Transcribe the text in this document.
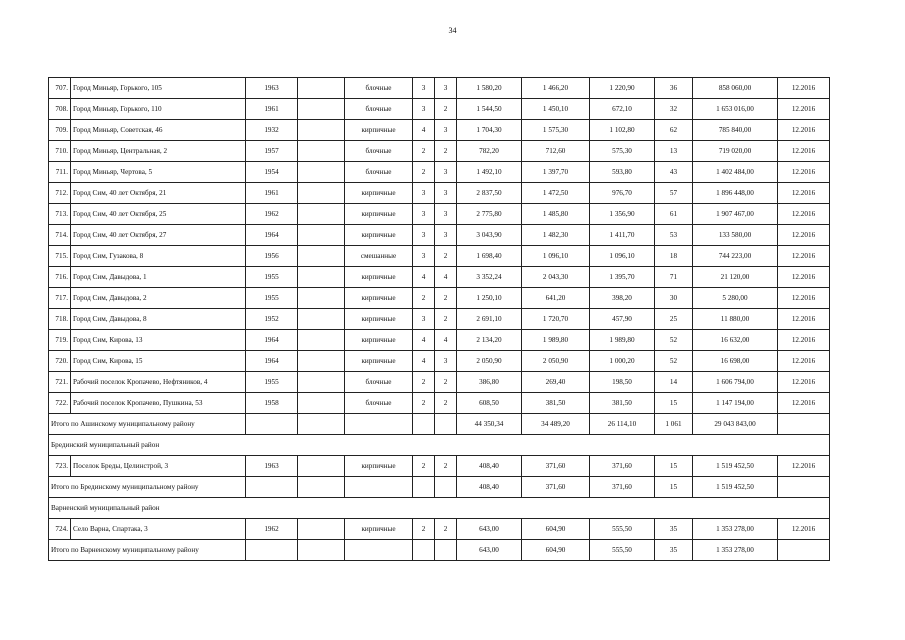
34
707.	Город Миньяр, Горького, 105	1963		блочные	3	3	1 580,20	1 466,20	1 220,90	36	858 060,00	12.2016
708.	Город Миньяр, Горького, 110	1961		блочные	3	2	1 544,50	1 450,10	672,10	32	1 653 016,00	12.2016
709.	Город Миньяр, Советская, 46	1932		кирпичные	4	3	1 704,30	1 575,30	1 102,80	62	785 840,00	12.2016
710.	Город Миньяр, Центральная, 2	1957		блочные	2	2	782,20	712,60	575,30	13	719 020,00	12.2016
711.	Город Миньяр, Чертова, 5	1954		блочные	2	3	1 492,10	1 397,70	593,80	43	1 402 484,00	12.2016
712.	Город Сим, 40 лет Октября, 21	1961		кирпичные	3	3	2 837,50	1 472,50	976,70	57	1 896 448,00	12.2016
713.	Город Сим, 40 лет Октября, 25	1962		кирпичные	3	3	2 775,80	1 485,80	1 356,90	61	1 907 467,00	12.2016
714.	Город Сим, 40 лет Октября, 27	1964		кирпичные	3	3	3 043,90	1 482,30	1 411,70	53	133 580,00	12.2016
715.	Город Сим, Гузакова, 8	1956		смешанные	3	2	1 698,40	1 096,10	1 096,10	18	744 223,00	12.2016
716.	Город Сим, Давыдова, 1	1955		кирпичные	4	4	3 352,24	2 043,30	1 395,70	71	21 120,00	12.2016
717.	Город Сим, Давыдова, 2	1955		кирпичные	2	2	1 250,10	641,20	398,20	30	5 280,00	12.2016
718.	Город Сим, Давыдова, 8	1952		кирпичные	3	2	2 691,10	1 720,70	457,90	25	11 880,00	12.2016
719.	Город Сим, Кирова, 13	1964		кирпичные	4	4	2 134,20	1 989,80	1 989,80	52	16 632,00	12.2016
720.	Город Сим, Кирова, 15	1964		кирпичные	4	3	2 050,90	2 050,90	1 000,20	52	16 698,00	12.2016
721.	Рабочий поселок Кропачево, Нефтяников, 4	1955		блочные	2	2	386,80	269,40	198,50	14	1 606 794,00	12.2016
722.	Рабочий поселок Кропачево, Пушкина, 53	1958		блочные	2	2	608,50	381,50	381,50	15	1 147 194,00	12.2016
Итого по Ашинскому муниципальному району							44 350,34	34 489,20	26 114,10	1 061	29 043 843,00	
Брединский муниципальный район												
723.	Поселок Бреды, Целинстрой, 3	1963		кирпичные	2	2	408,40	371,60	371,60	15	1 519 452,50	12.2016
Итого по Брединскому муниципальному району							408,40	371,60	371,60	15	1 519 452,50	
Варненский муниципальный район												
724.	Село Варна, Спартака, 3	1962		кирпичные	2	2	643,00	604,90	555,50	35	1 353 278,00	12.2016
Итого по Варненскому муниципальному району							643,00	604,90	555,50	35	1 353 278,00	
